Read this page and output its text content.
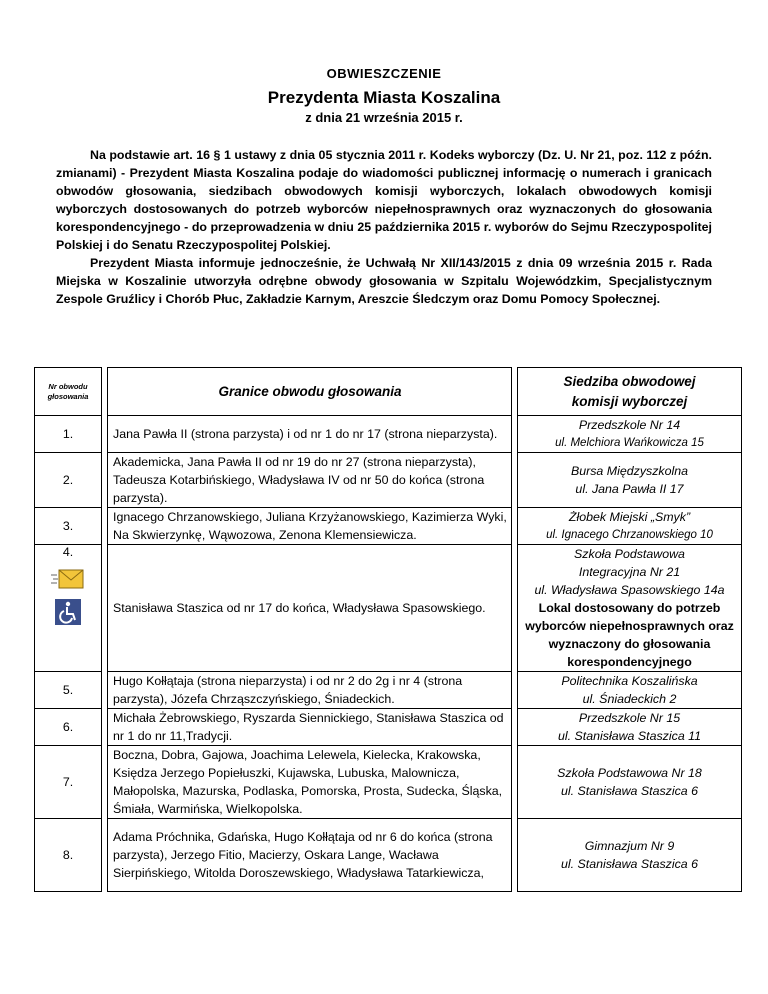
OBWIESZCZENIE
Prezydenta Miasta Koszalina
z dnia 21 września 2015 r.

Na podstawie art. 16 § 1 ustawy z dnia 05 stycznia 2011 r. Kodeks wyborczy (Dz. U. Nr 21, poz. 112 z późn. zmianami) - Prezydent Miasta Koszalina podaje do wiadomości publicznej informację o numerach i granicach obwodów głosowania, siedzibach obwodowych komisji wyborczych, lokalach obwodowych komisji wyborczych dostosowanych do potrzeb wyborców niepełnosprawnych oraz wyznaczonych do głosowania korespondencyjnego - do przeprowadzenia w dniu 25 października 2015 r. wyborów do Sejmu Rzeczypospolitej Polskiej i do Senatu Rzeczypospolitej Polskiej.

Prezydent Miasta informuje jednocześnie, że Uchwałą Nr XII/143/2015 z dnia 09 września 2015 r. Rada Miejska w Koszalinie utworzyła odrębne obwody głosowania w Szpitalu Wojewódzkim, Specjalistycznym Zespole Gruźlicy i Chorób Płuc, Zakładzie Karnym, Areszcie Śledczym oraz Domu Pomocy Społecznej.

Nr obwodu głosowania		Granice obwodu głosowania		Siedziba obwodowej komisji wyborczej

1.		Jana Pawła II (strona parzysta) i od nr 1 do nr 17 (strona nieparzysta).		Przedszkole Nr 14
ul. Melchiora Wańkowicza 15

2.		Akademicka, Jana Pawła II od nr 19 do nr 27 (strona nieparzysta), Tadeusza Kotarbińskiego, Władysława IV od nr 50 do końca (strona parzysta).		Bursa Międzyszkolna
ul. Jana Pawła II 17

3.		Ignacego Chrzanowskiego, Juliana Krzyżanowskiego, Kazimierza Wyki, Na Skwierzynkę, Wąwozowa, Zenona Klemensiewicza.		Żłobek Miejski „Smyk”
ul. Ignacego Chrzanowskiego 10

4.		Stanisława Staszica od nr 17 do końca, Władysława Spasowskiego.		Szkoła Podstawowa Integracyjna Nr 21
ul. Władysława Spasowskiego 14a
Lokal dostosowany do potrzeb wyborców niepełnosprawnych oraz wyznaczony do głosowania korespondencyjnego

5.		Hugo Kołłątaja (strona nieparzysta) i od nr 2 do 2g i nr 4 (strona parzysta), Józefa Chrząszczyńskiego, Śniadeckich.		Politechnika Koszalińska
ul. Śniadeckich 2

6.		Michała Żebrowskiego, Ryszarda Siennickiego, Stanisława Staszica od nr 1 do nr 11,Tradycji.		Przedszkole Nr 15
ul. Stanisława Staszica 11

7.		Boczna, Dobra, Gajowa, Joachima Lelewela, Kielecka, Krakowska, Księdza Jerzego Popiełuszki, Kujawska, Lubuska, Malownicza, Małopolska, Mazurska, Podlaska, Pomorska, Prosta, Sudecka, Śląska, Śmiała, Warmińska, Wielkopolska.		Szkoła Podstawowa Nr 18
ul. Stanisława Staszica 6

8.		Adama Próchnika, Gdańska, Hugo Kołłątaja od nr 6 do końca (strona parzysta), Jerzego Fitio, Macierzy, Oskara Lange, Wacława Sierpińskiego, Witolda Doroszewskiego, Władysława Tatarkiewicza,		Gimnazjum Nr 9
ul. Stanisława Staszica 6
